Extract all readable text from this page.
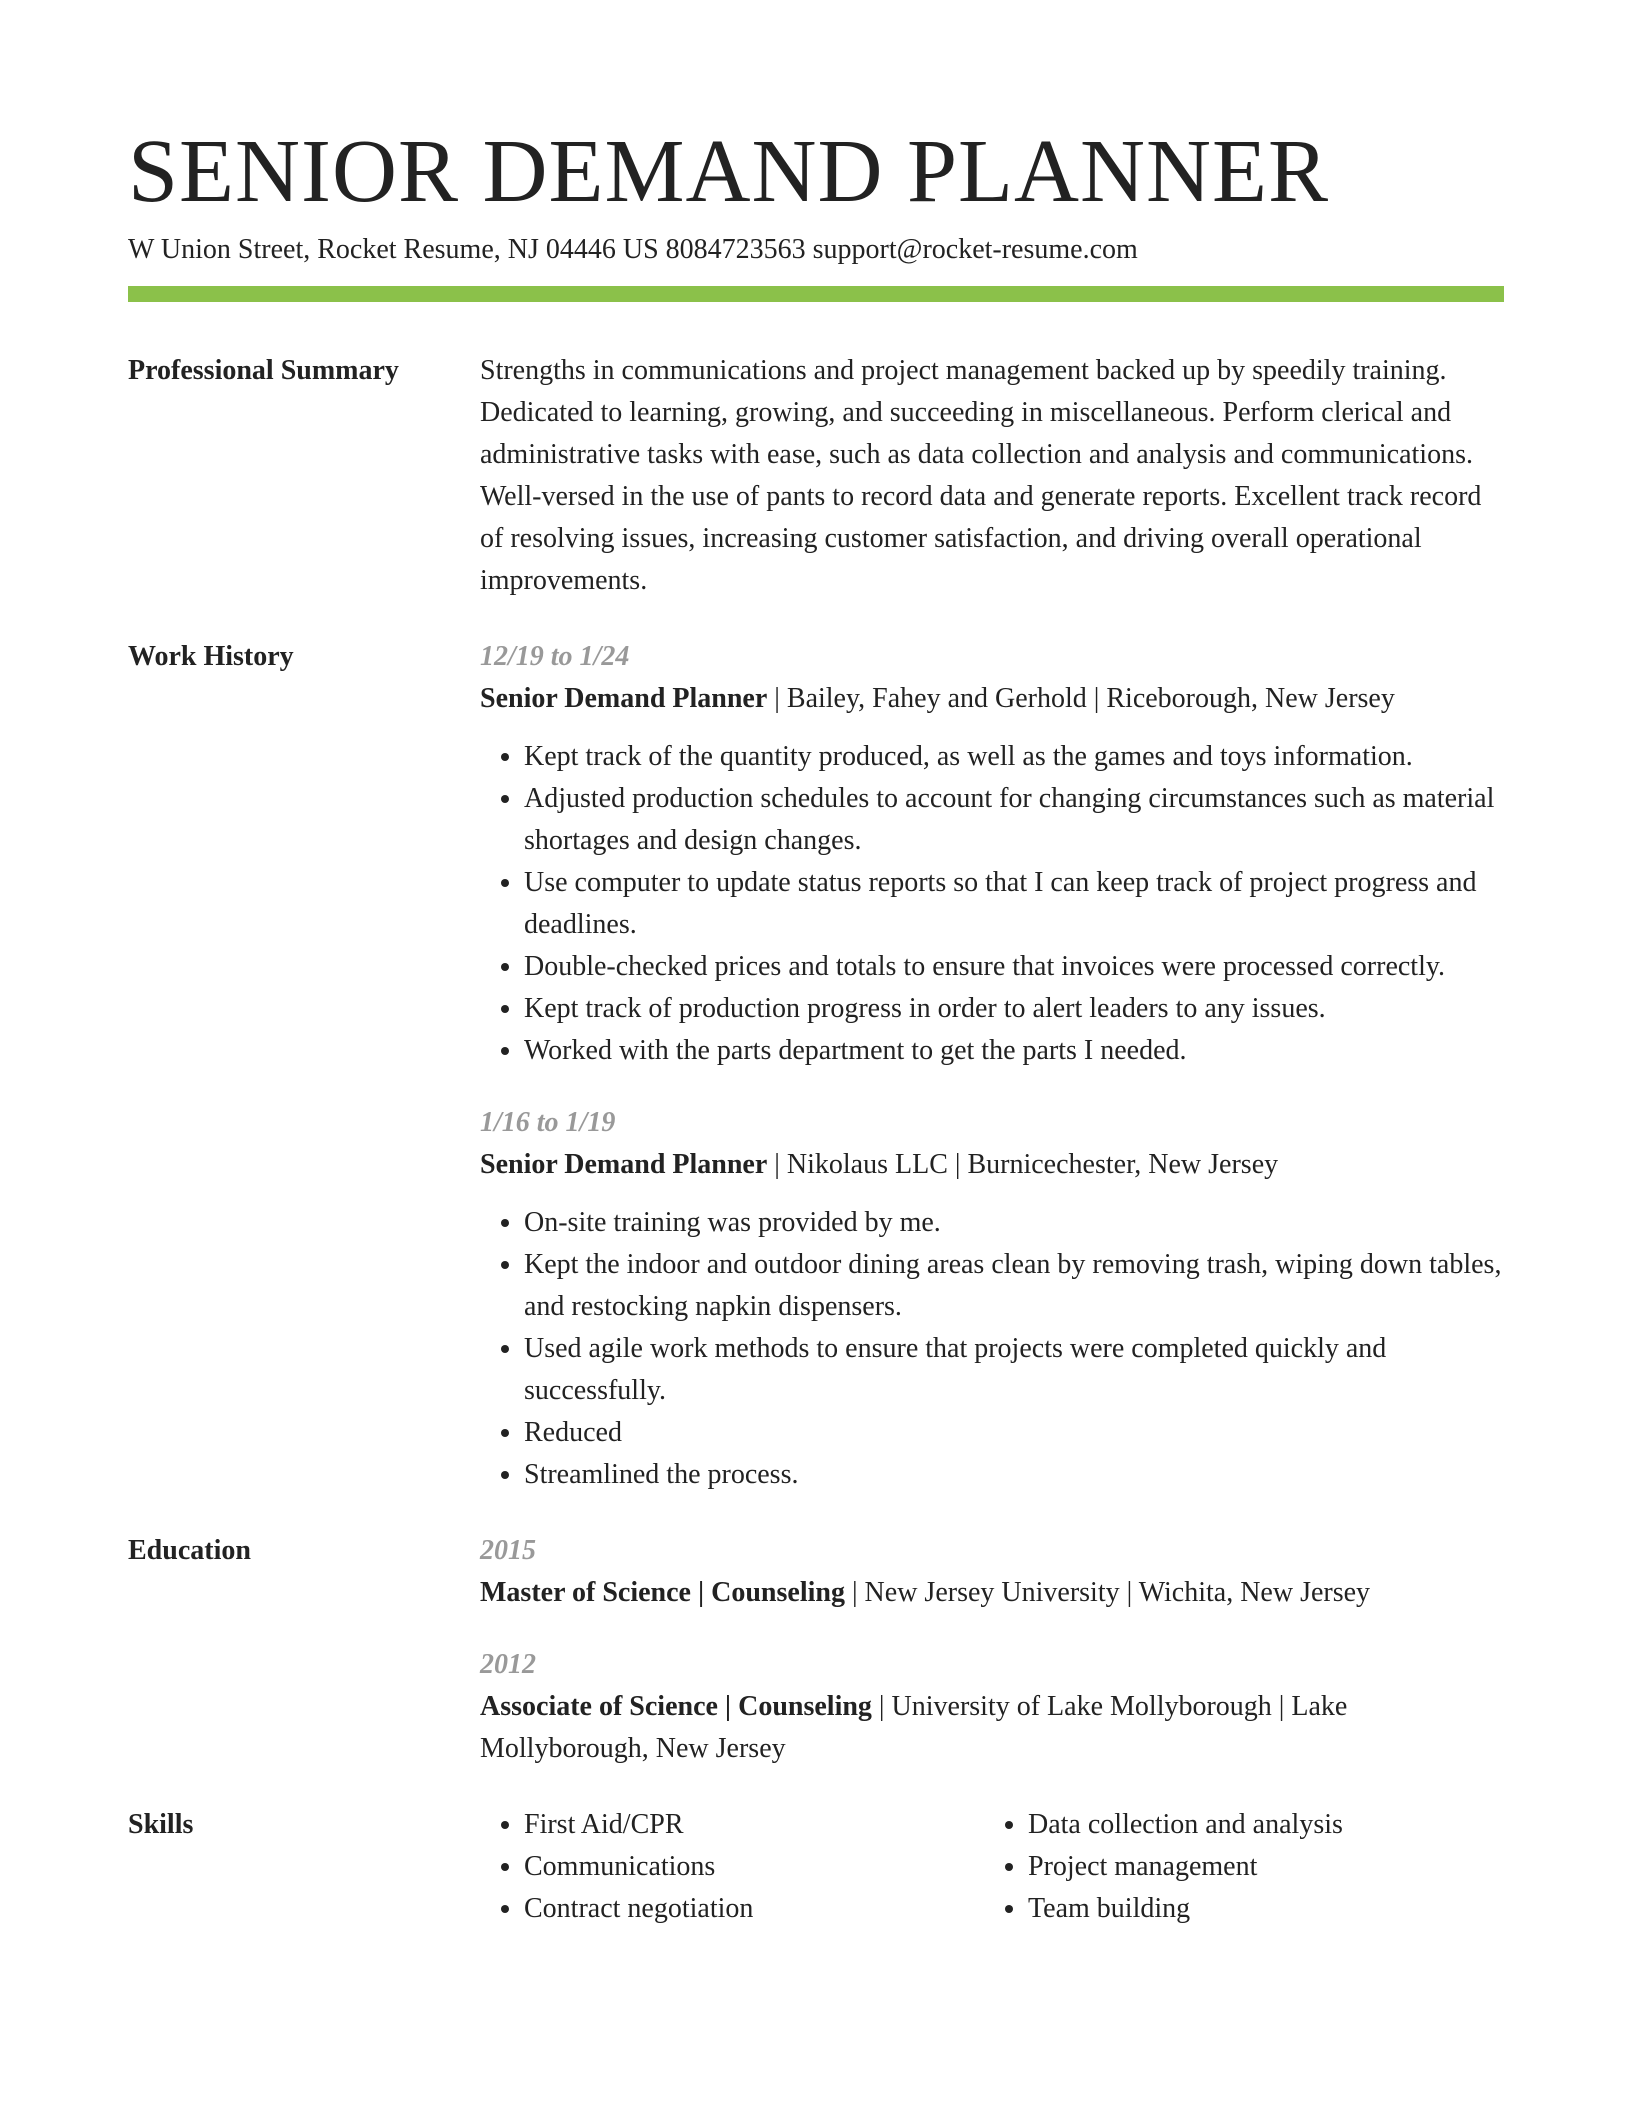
SENIOR DEMAND PLANNER
W Union Street, Rocket Resume, NJ 04446 US 8084723563 support@rocket-resume.com
Professional Summary	Strengths in communications and project management backed up by speedily training. Dedicated to learning, growing, and succeeding in miscellaneous. Perform clerical and administrative tasks with ease, such as data collection and analysis and communications. Well-versed in the use of pants to record data and generate reports. Excellent track record of resolving issues, increasing customer satisfaction, and driving overall operational improvements.

Work History	12/19 to 1/24
Senior Demand Planner | Bailey, Fahey and Gerhold | Riceborough, New Jersey
• Kept track of the quantity produced, as well as the games and toys information.
• Adjusted production schedules to account for changing circumstances such as material shortages and design changes.
• Use computer to update status reports so that I can keep track of project progress and deadlines.
• Double-checked prices and totals to ensure that invoices were processed correctly.
• Kept track of production progress in order to alert leaders to any issues.
• Worked with the parts department to get the parts I needed.
1/16 to 1/19
Senior Demand Planner | Nikolaus LLC | Burnicechester, New Jersey
• On-site training was provided by me.
• Kept the indoor and outdoor dining areas clean by removing trash, wiping down tables, and restocking napkin dispensers.
• Used agile work methods to ensure that projects were completed quickly and successfully.
• Reduced
• Streamlined the process.
Education	2015
Master of Science | Counseling | New Jersey University | Wichita, New Jersey
2012
Associate of Science | Counseling | University of Lake Mollyborough | Lake Mollyborough, New Jersey
Skills
•	First Aid/CPR
• Communications
• Contract negotiation
• Data collection and analysis
• Project management
• Team building
